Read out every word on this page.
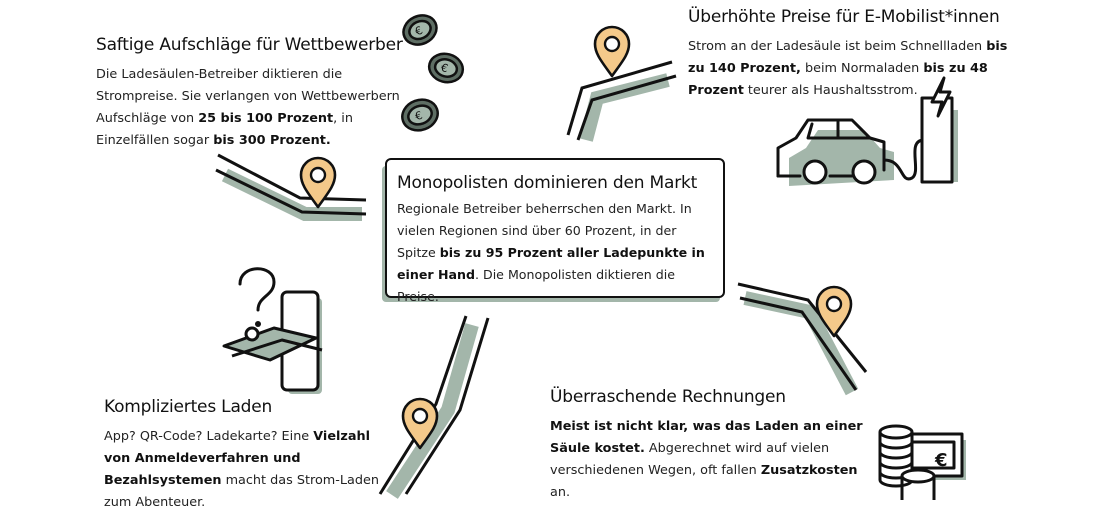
€
€
€
€
Monopolisten dominieren den Markt
Regionale Betreiber beherrschen den Markt. In vielen Regionen sind über 60 Prozent, in der Spitze bis zu 95 Prozent aller Ladepunkte in einer Hand. Die Monopolisten diktieren die Preise.
Saftige Aufschläge für Wettbewerber
Die Ladesäulen-Betreiber diktieren die Strompreise. Sie verlangen von Wettbewerbern Aufschläge von 25 bis 100 Prozent, in Einzelfällen sogar bis 300 Prozent.
Überhöhte Preise für E-Mobilist*innen
Strom an der Ladesäule ist beim Schnellladen bis zu 140 Prozent, beim Normaladen bis zu 48 Prozent teurer als Haushaltsstrom.
Kompliziertes Laden
App? QR-Code? Ladekarte? Eine Vielzahl von Anmeldeverfahren und Bezahlsystemen macht das Strom-Laden zum Abenteuer.
Überraschende Rechnungen
Meist ist nicht klar, was das Laden an einer Säule kostet. Abgerechnet wird auf vielen verschiedenen Wegen, oft fallen Zusatzkosten an.
